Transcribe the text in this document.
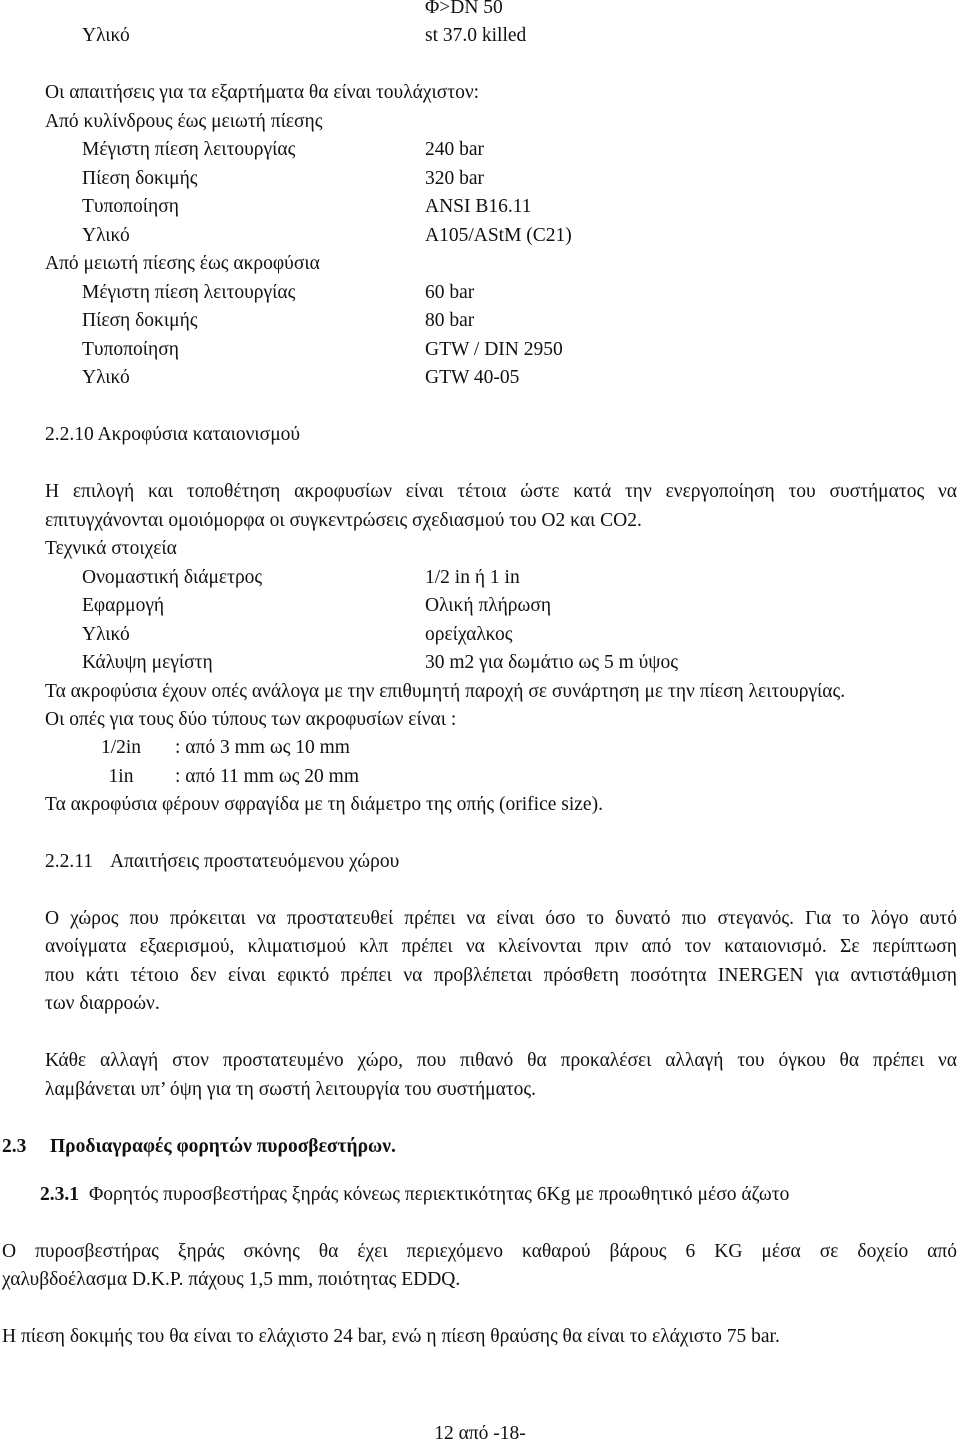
Φ>DN 50
Υλικό	st 37.0 killed
Οι απαιτήσεις για τα εξαρτήματα θα είναι τουλάχιστον:
Από κυλίνδρους έως μειωτή πίεσης
Μέγιστη πίεση λειτουργίας	240 bar
Πίεση δοκιμής	320 bar
Τυποποίηση	ANSI B16.11
Υλικό	A105/AStM (C21)
Από μειωτή πίεσης έως ακροφύσια
Μέγιστη πίεση λειτουργίας	60 bar
Πίεση δοκιμής	80 bar
Τυποποίηση	GTW / DIN 2950
Υλικό	GTW 40-05
2.2.10 Ακροφύσια καταιονισμού
Η επιλογή και τοποθέτηση ακροφυσίων είναι τέτοια ώστε κατά την ενεργοποίηση του συστήματος να
επιτυγχάνονται ομοιόμορφα οι συγκεντρώσεις σχεδιασμού του Ο2 και CO2.
Τεχνικά στοιχεία
Ονομαστική διάμετρος	1/2 in ή 1 in
Εφαρμογή	Ολική πλήρωση
Υλικό	ορείχαλκος
Κάλυψη μεγίστη	30 m2 για δωμάτιο ως 5 m ύψος
Τα ακροφύσια έχουν οπές ανάλογα με την επιθυμητή παροχή σε συνάρτηση με την πίεση λειτουργίας.
Οι οπές για τους δύο τύπους των ακροφυσίων είναι :
1/2in	: από 3 mm ως 10 mm
1in	: από 11 mm ως 20 mm
Τα ακροφύσια φέρουν σφραγίδα με τη διάμετρο της οπής (orifice size).
2.2.11 Απαιτήσεις προστατευόμενου χώρου
Ο χώρος που πρόκειται να προστατευθεί πρέπει να είναι όσο το δυνατό πιο στεγανός. Για το λόγο αυτό
ανοίγματα εξαερισμού, κλιματισμού κλπ πρέπει να κλείνονται πριν από τον καταιονισμό. Σε περίπτωση
που κάτι τέτοιο δεν είναι εφικτό πρέπει να προβλέπεται πρόσθετη ποσότητα INERGEN για αντιστάθμιση
των διαρροών.
Κάθε αλλαγή στον προστατευμένο χώρο, που πιθανό θα προκαλέσει αλλαγή του όγκου θα πρέπει να
λαμβάνεται υπ’ όψη για τη σωστή λειτουργία του συστήματος.
2.3 Προδιαγραφές φορητών πυροσβεστήρων.
2.3.1 Φορητός πυροσβεστήρας ξηράς κόνεως περιεκτικότητας 6Kg με προωθητικό μέσο άζωτο
Ο πυροσβεστήρας ξηράς σκόνης θα έχει περιεχόμενο καθαρού βάρους 6 KG μέσα σε δοχείο από
χαλυβδοέλασμα D.K.P. πάχους 1,5 mm, ποιότητας EDDQ.
Η πίεση δοκιμής του θα είναι το ελάχιστο 24 bar, ενώ η πίεση θραύσης θα είναι το ελάχιστο 75 bar.
12 από -18-
